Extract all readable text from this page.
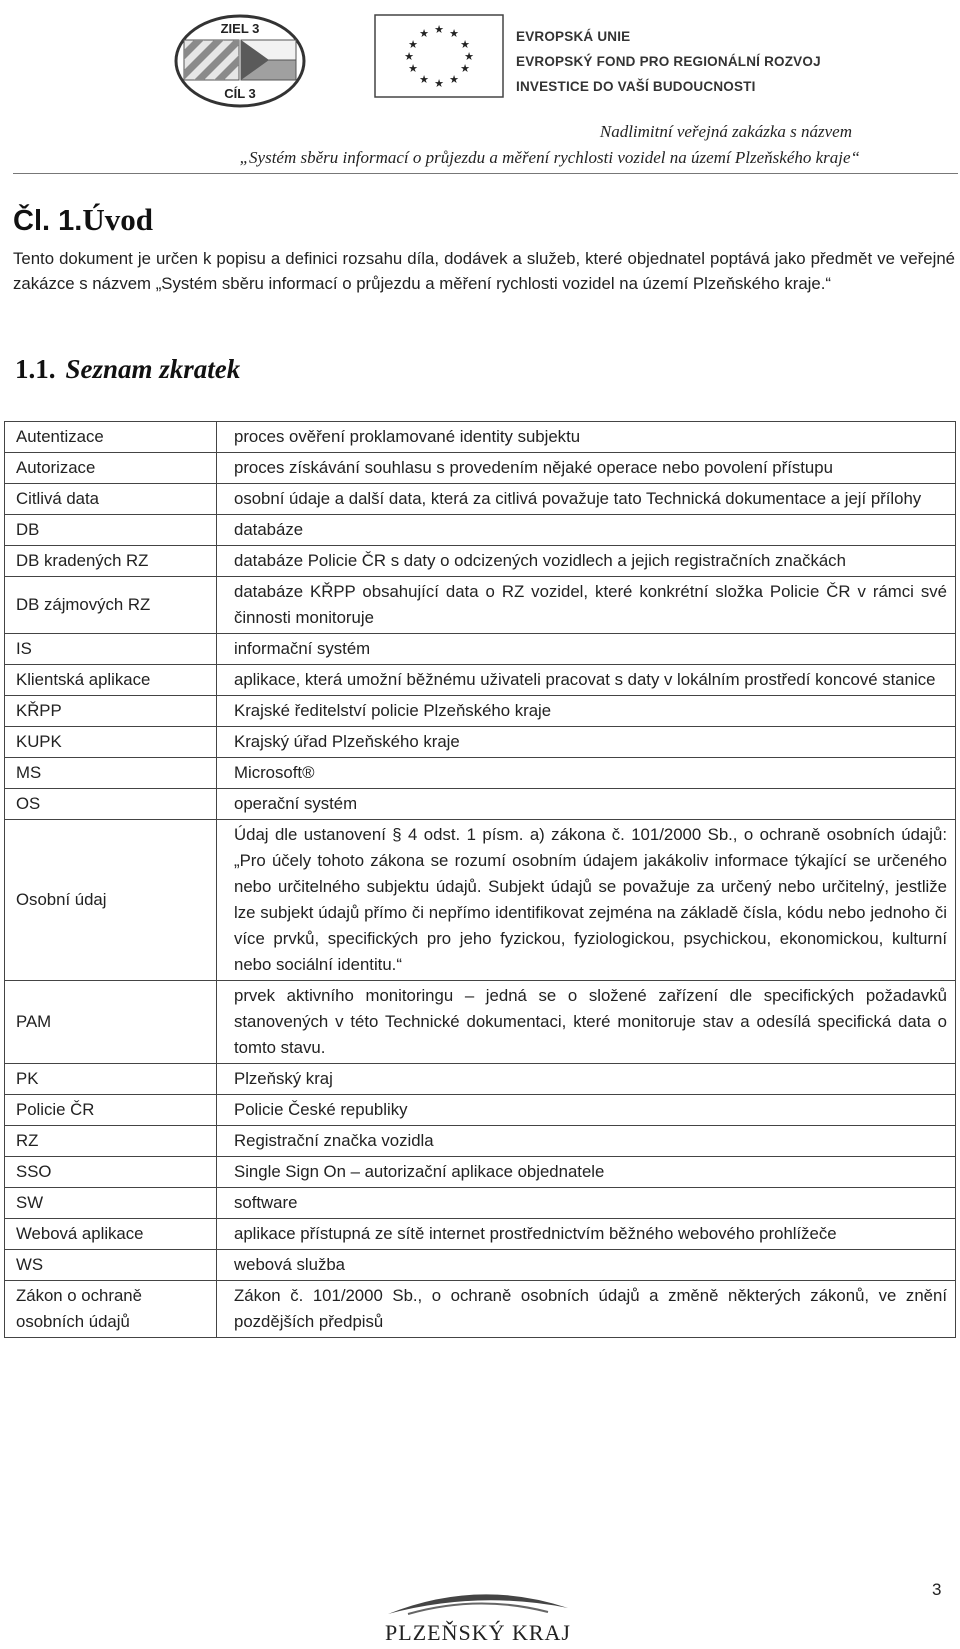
ZIEL 3
CÍL 3
★ ★
★
★
★
★
★
★
★
★
★
★	EVROPSKÁ UNIE
EVROPSKÝ FOND PRO REGIONÁLNÍ ROZVOJ
INVESTICE DO VAŠÍ BUDOUCNOSTI
Nadlimitní veřejná zakázka s názvem
„Systém sběru informací o průjezdu a měření rychlosti vozidel na území Plzeňského kraje“
Čl. 1.Úvod
Tento dokument je určen k popisu a definici rozsahu díla, dodávek a služeb, které objednatel poptává jako předmět ve veřejné zakázce s názvem „Systém sběru informací o průjezdu a měření rychlosti vozidel na území Plzeňského kraje.“
1.1. Seznam zkratek
Autentizace	proces ověření proklamované identity subjektu
Autorizace	proces získávání souhlasu s provedením nějaké operace nebo povolení přístupu
Citlivá data	osobní údaje a další data, která za citlivá považuje tato Technická dokumentace a její přílohy
DB	databáze
DB kradených RZ	databáze Policie ČR s daty o odcizených vozidlech a jejich registračních značkách
DB zájmových RZ	databáze KŘPP obsahující data o RZ vozidel, které konkrétní složka Policie ČR v rámci své činnosti monitoruje
IS	informační systém
Klientská aplikace	aplikace, která umožní běžnému uživateli pracovat s daty v lokálním prostředí koncové stanice
KŘPP	Krajské ředitelství policie Plzeňského kraje
KUPK	Krajský úřad Plzeňského kraje
MS	Microsoft®
OS	operační systém
Osobní údaj	Údaj dle ustanovení § 4 odst. 1 písm. a) zákona č. 101/2000 Sb., o ochraně osobních údajů: „Pro účely tohoto zákona se rozumí osobním údajem jakákoliv informace týkající se určeného nebo určitelného subjektu údajů. Subjekt údajů se považuje za určený nebo určitelný, jestliže lze subjekt údajů přímo či nepřímo identifikovat zejména na základě čísla, kódu nebo jednoho či více prvků, specifických pro jeho fyzickou, fyziologickou, psychickou, ekonomickou, kulturní nebo sociální identitu.“
PAM	prvek aktivního monitoringu – jedná se o složené zařízení dle specifických požadavků stanovených v této Technické dokumentaci, které monitoruje stav a odesílá specifická data o tomto stavu.
PK	Plzeňský kraj
Policie ČR	Policie České republiky
RZ	Registrační značka vozidla
SSO	Single Sign On – autorizační aplikace objednatele
SW	software
Webová aplikace	aplikace přístupná ze sítě internet prostřednictvím běžného webového prohlížeče
WS	webová služba
Zákon o ochraně osobních údajů	Zákon č. 101/2000 Sb., o ochraně osobních údajů a změně některých zákonů, ve znění pozdějších předpisů
3
PLZEŇSKÝ KRAJ
